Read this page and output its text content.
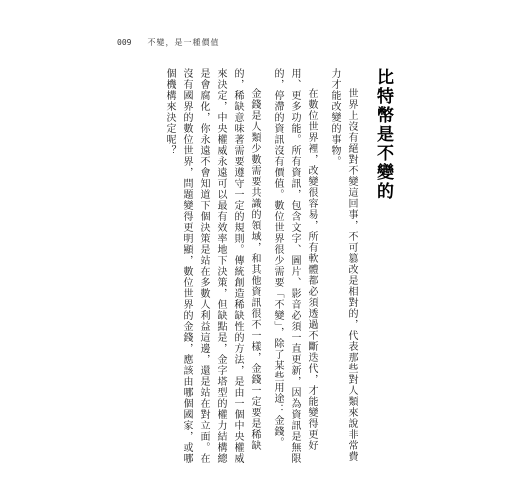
009 不變，是一種價值
比特幣是不變的

世界上沒有絕對不變這回事，不可篡改是相對的，代表那些對人類來說非常費力才能改變的事物。

在數位世界裡，改變很容易，所有軟體都必須透過不斷迭代，才能變得更好用、更多功能。所有資訊，包含文字、圖片、影音必須一直更新，因為資訊是無限的，停滯的資訊沒有價值。數位世界很少需要「不變」，除了某些用途：金錢。

金錢是人類少數需要共識的領域，和其他資訊很不一樣，金錢一定要是稀缺的，稀缺意味著需要遵守一定的規則。傳統創造稀缺性的方法，是由一個中央權威來決定，中央權威永遠可以最有效率地下決策，但缺點是，金字塔型的權力結構總是會腐化，你永遠不會知道下個決策是站在多數人利益這邊，還是站在對立面。在沒有國界的數位世界，問題變得更明顯，數位世界的金錢，應該由哪個國家，或哪個機構來決定呢？
